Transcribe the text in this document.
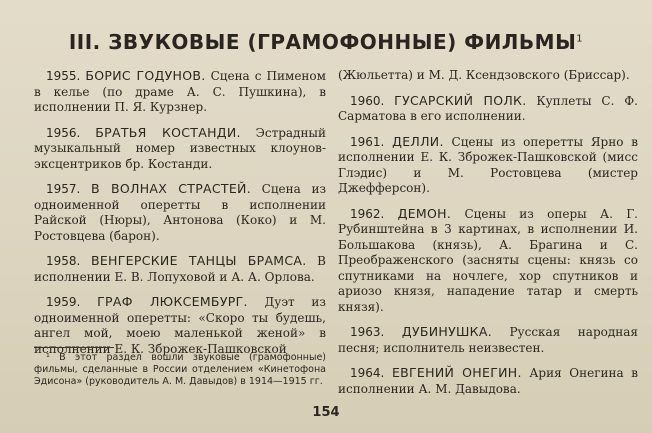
III. ЗВУКОВЫЕ (ГРАМОФОННЫЕ) ФИЛЬМЫ$^1$

1955. БОРИС ГОДУНОВ. Сцена с Пименом в келье (по драме А. С. Пушкина), в исполнении П. Я. Курзнер.

1956. БРАТЬЯ КОСТАНДИ. Эстрадный музыкальный номер известных клоунов-эксцентриков бр. Костанди.

1957. В ВОЛНАХ СТРАСТЕЙ. Сцена из одноименной оперетты в исполнении Райской (Нюры), Антонова (Коко) и М. Ростовцева (барон).

1958. ВЕНГЕРСКИЕ ТАНЦЫ БРАМСА. В исполнении Е. В. Лопуховой и А. А. Орлова.

1959. ГРАФ ЛЮКСЕМБУРГ. Дуэт из одноименной оперетты: «Скоро ты будешь, ангел мой, моею маленькой женой» в исполнении Е. К. Зброжек-Пашковской

¹ В этот раздел вошли звуковые (грамофонные) фильмы, сделанные в России отделением «Кинетофона Эдисона» (руководитель А. М. Давыдов) в 1914—1915 гг.

(Жюльетта) и М. Д. Ксендзовского (Брисcар).

1960. ГУСАРСКИЙ ПОЛК. Куплеты С. Ф. Сарматова в его исполнении.

1961. ДЕЛЛИ. Сцены из оперетты Ярно в исполнении Е. К. Зброжек-Пашковской (мисс Глэдис) и М. Ростовцева (мистер Джефферсон).

1962. ДЕМОН. Сцены из оперы А. Г. Рубинштейна в 3 картинах, в исполнении И. Большакова (князь), А. Брагина и С. Преображенского (засняты сцены: князь со спутниками на ночлеге, хор спутников и ариозо князя, нападение татар и смерть князя).

1963. ДУБИНУШКА. Русская народная песня; исполнитель неизвестен.

1964. ЕВГЕНИЙ ОНЕГИН. Ария Онегина в исполнении А. М. Давыдова.

154
